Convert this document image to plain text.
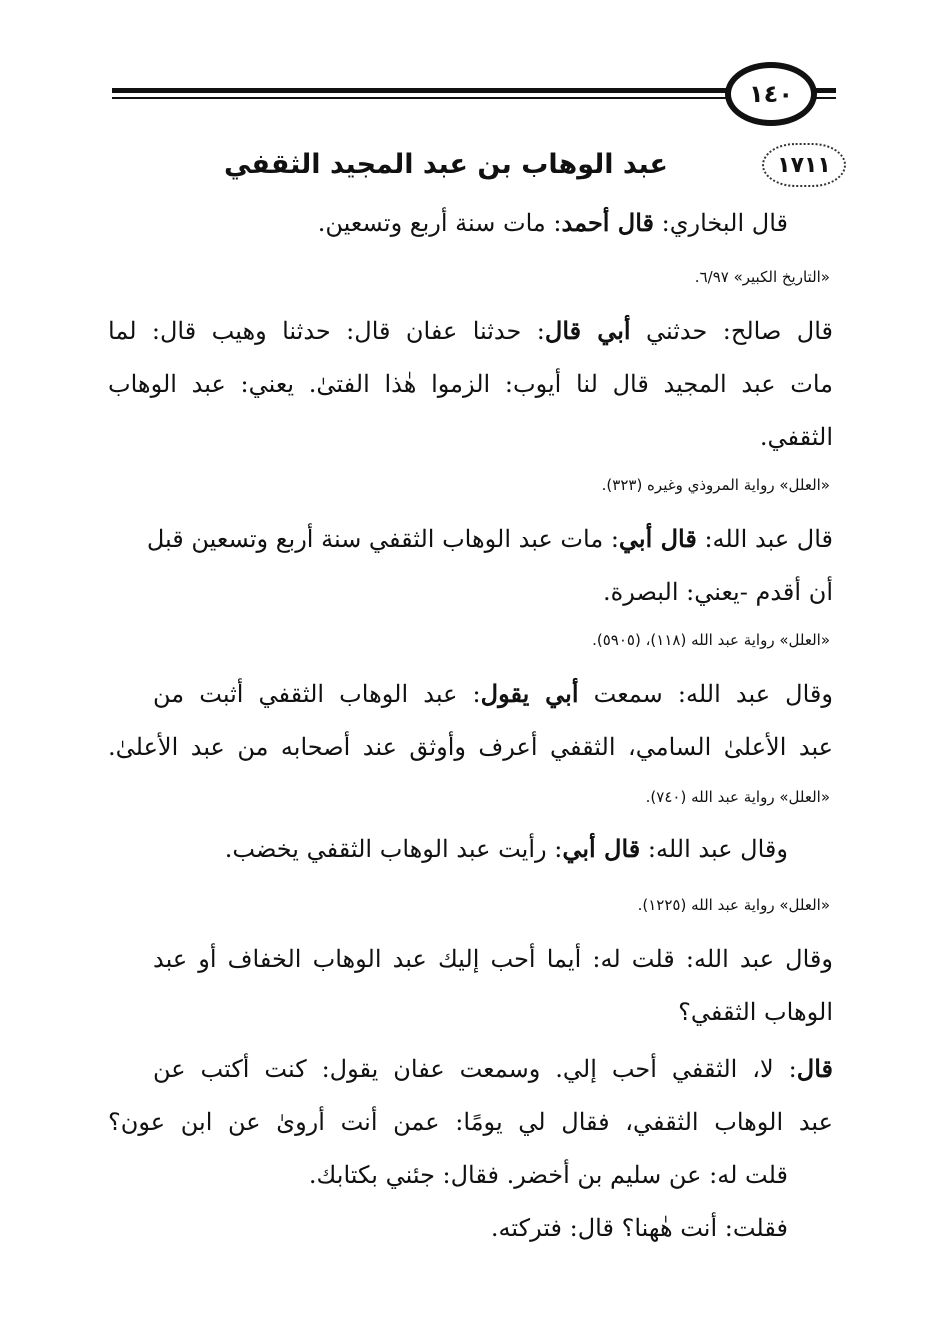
١٤٠
١٧١١
عبد الوهاب بن عبد المجيد الثقفي
قال البخاري: قال أحمد: مات سنة أربع وتسعين.
«التاريخ الكبير» ٦/٩٧.
قال صالح: حدثني أبي قال: حدثنا عفان قال: حدثنا وهيب قال: لما
مات عبد المجيد قال لنا أيوب: الزموا هٰذا الفتىٰ. يعني: عبد الوهاب
الثقفي.
«العلل» رواية المروذي وغيره (٣٢٣).
قال عبد الله: قال أبي: مات عبد الوهاب الثقفي سنة أربع وتسعين قبل
أن أقدم -يعني: البصرة.
«العلل» رواية عبد الله (١١٨)، (٥٩٠٥).
وقال عبد الله: سمعت أبي يقول: عبد الوهاب الثقفي أثبت من
عبد الأعلىٰ السامي، الثقفي أعرف وأوثق عند أصحابه من عبد الأعلىٰ.
«العلل» رواية عبد الله (٧٤٠).
وقال عبد الله: قال أبي: رأيت عبد الوهاب الثقفي يخضب.
«العلل» رواية عبد الله (١٢٢٥).
وقال عبد الله: قلت له: أيما أحب إليك عبد الوهاب الخفاف أو عبد
الوهاب الثقفي؟
قال: لا، الثقفي أحب إلي. وسمعت عفان يقول: كنت أكتب عن
عبد الوهاب الثقفي، فقال لي يومًا: عمن أنت أروىٰ عن ابن عون؟
قلت له: عن سليم بن أخضر. فقال: جئني بكتابك.
فقلت: أنت هٰهنا؟ قال: فتركته.
